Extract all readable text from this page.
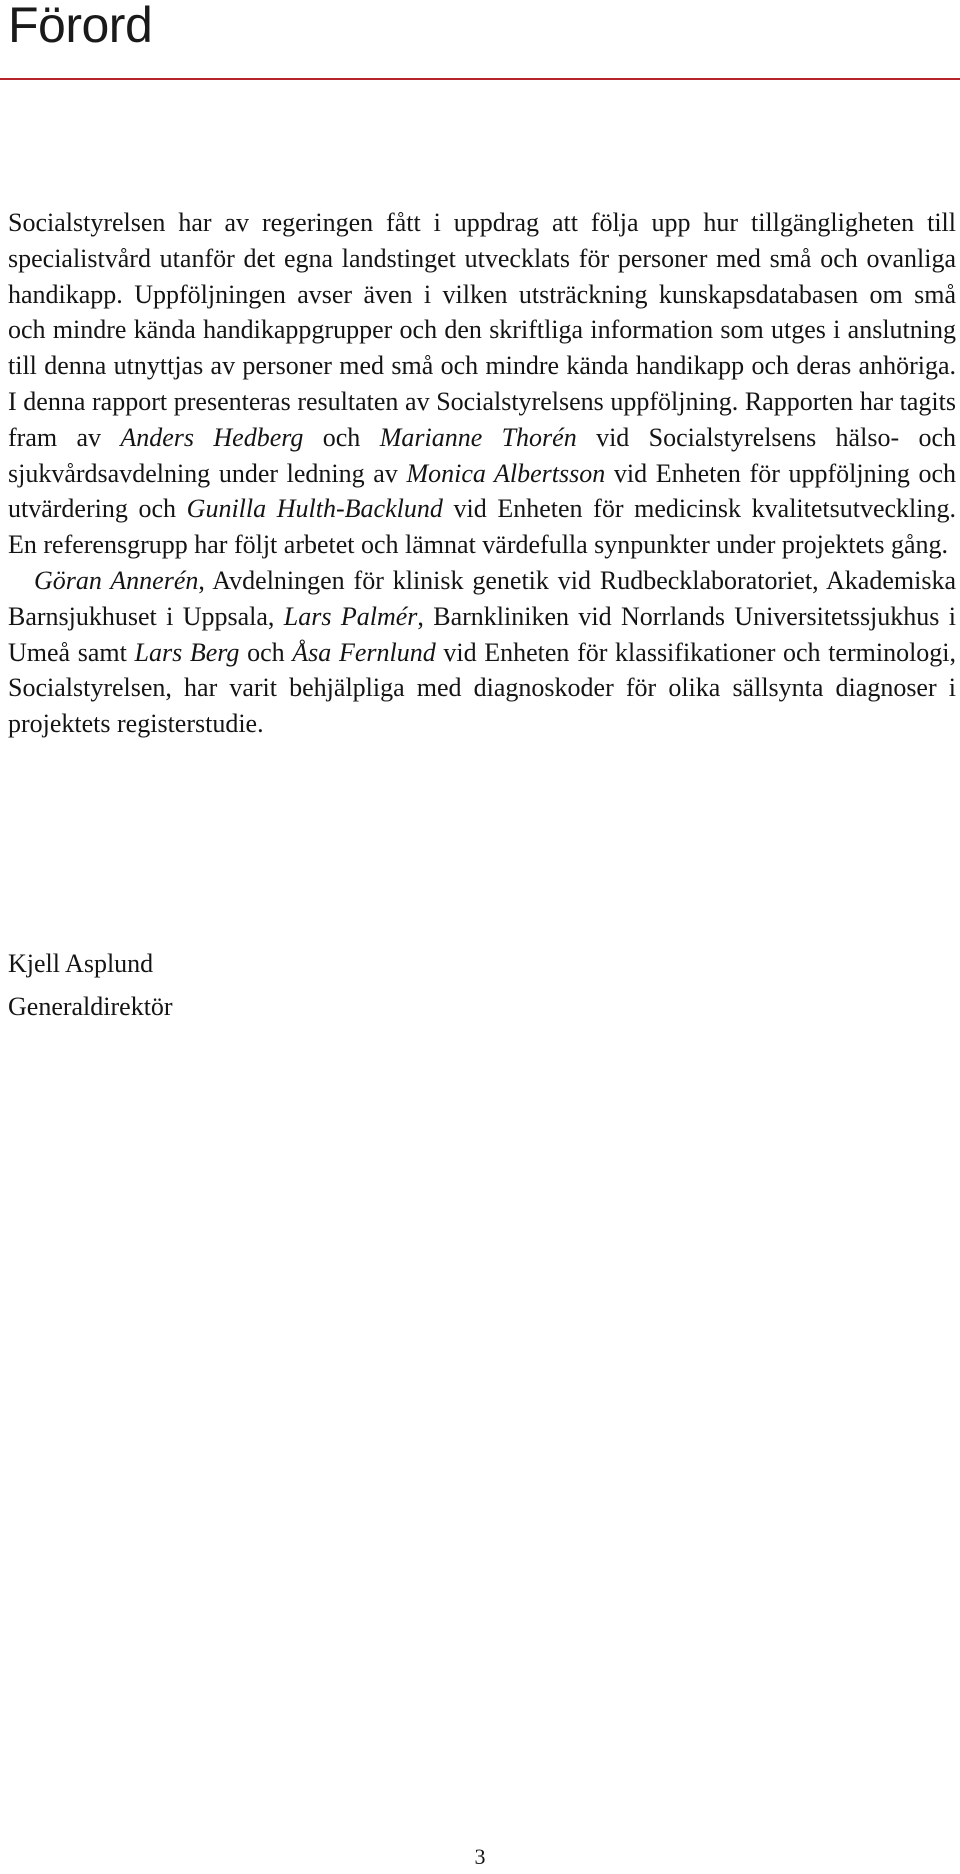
Förord

Socialstyrelsen har av regeringen fått i uppdrag att följa upp hur tillgängligheten till specialistvård utanför det egna landstinget utvecklats för personer med små och ovanliga handikapp. Uppföljningen avser även i vilken utsträckning kunskapsdatabasen om små och mindre kända handikappgrupper och den skriftliga information som utges i anslutning till denna utnyttjas av personer med små och mindre kända handikapp och deras anhöriga. I denna rapport presenteras resultaten av Socialstyrelsens uppföljning. Rapporten har tagits fram av Anders Hedberg och Marianne Thorén vid Socialstyrelsens hälso- och sjukvårdsavdelning under ledning av Monica Albertsson vid Enheten för uppföljning och utvärdering och Gunilla Hulth-Backlund vid Enheten för medicinsk kvalitetsutveckling. En referensgrupp har följt arbetet och lämnat värdefulla synpunkter under projektets gång.

Göran Annerén, Avdelningen för klinisk genetik vid Rudbecklaboratoriet, Akademiska Barnsjukhuset i Uppsala, Lars Palmér, Barnkliniken vid Norrlands Universitetssjukhus i Umeå samt Lars Berg och Åsa Fernlund vid Enheten för klassifikationer och terminologi, Socialstyrelsen, har varit behjälpliga med diagnoskoder för olika sällsynta diagnoser i projektets registerstudie.

Kjell Asplund
Generaldirektör
3
